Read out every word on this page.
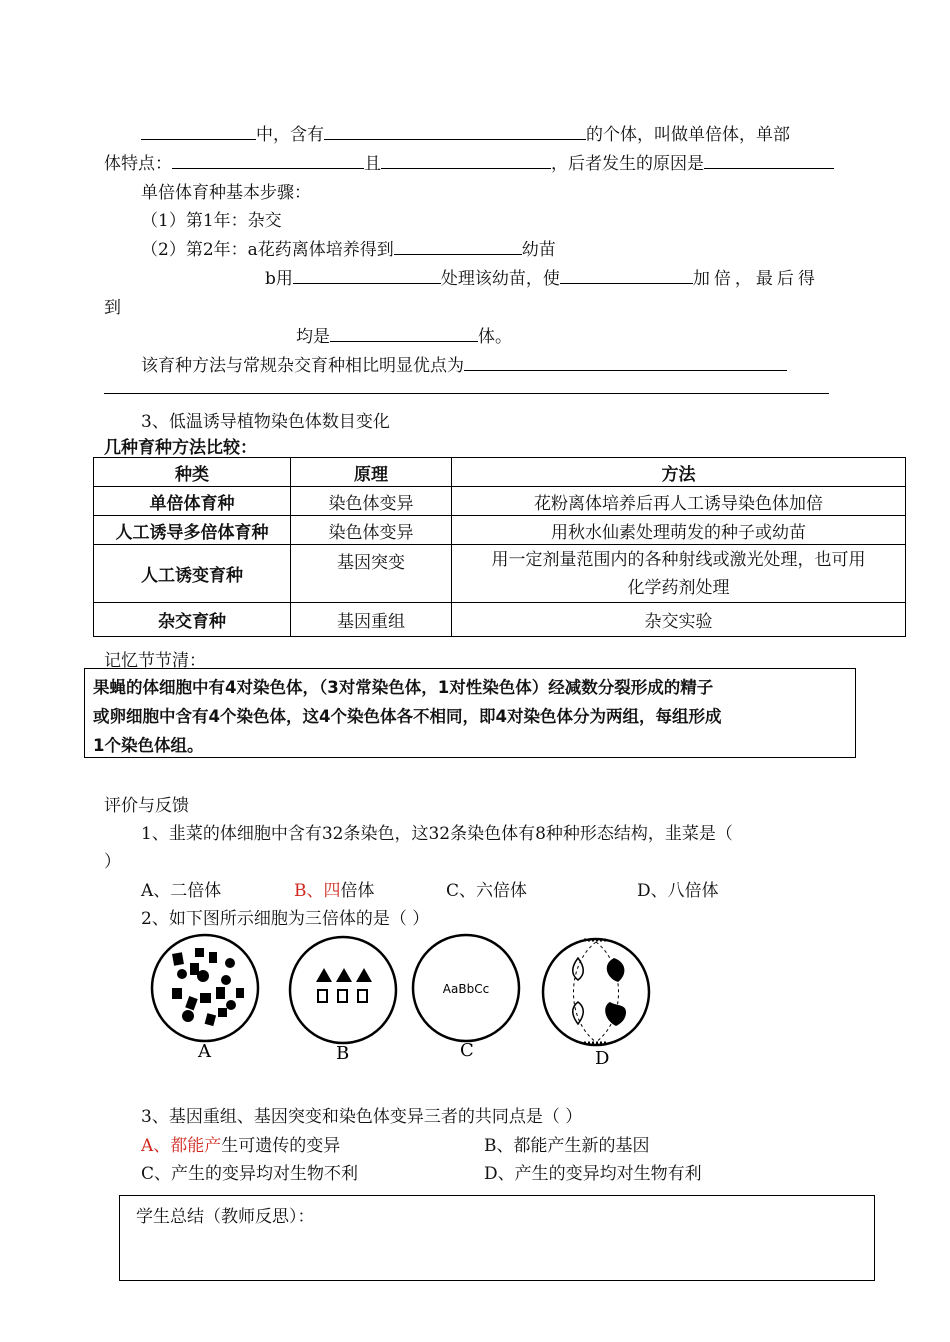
中，含有	的个体，叫做单倍体，单部
体特点：	且	，后者发生的原因是
单倍体育种基本步骤：
（1）第1年：杂交
（2）第2年：a花药离体培养得到	幼苗
b用	处理该幼苗，使	加倍，最后得
到
均是	体。
该育种方法与常规杂交育种相比明显优点为
3、低温诱导植物染色体数目变化
几种育种方法比较：
种类	原理	方法
单倍体育种	染色体变异	花粉离体培养后再人工诱导染色体加倍
人工诱导多倍体育种	染色体变异	用秋水仙素处理萌发的种子或幼苗
人工诱变育种	基因突变	用一定剂量范围内的各种射线或激光处理，也可用
化学药剂处理
杂交育种	基因重组	杂交实验
记忆节节清：

果蝇的体细胞中有4对染色体，（3对常染色体，1对性染色体）经减数分裂形成的精子
或卵细胞中含有4个染色体，这4个染色体各不相同，即4对染色体分为两组，每组形成
1个染色体组。

评价与反馈
1、韭菜的体细胞中含有32条染色，这32条染色体有8种种形态结构，韭菜是（
）
A、二倍体	B、四倍体	C、六倍体	D、八倍体
2、如下图所示细胞为三倍体的是（ ）
A	B
AaBbCc
C	D
3、基因重组、基因突变和染色体变异三者的共同点是（ ）
A、都能产生可遗传的变异	B、都能产生新的基因
C、产生的变异均对生物不利	D、产生的变异均对生物有利
学生总结（教师反思）：
